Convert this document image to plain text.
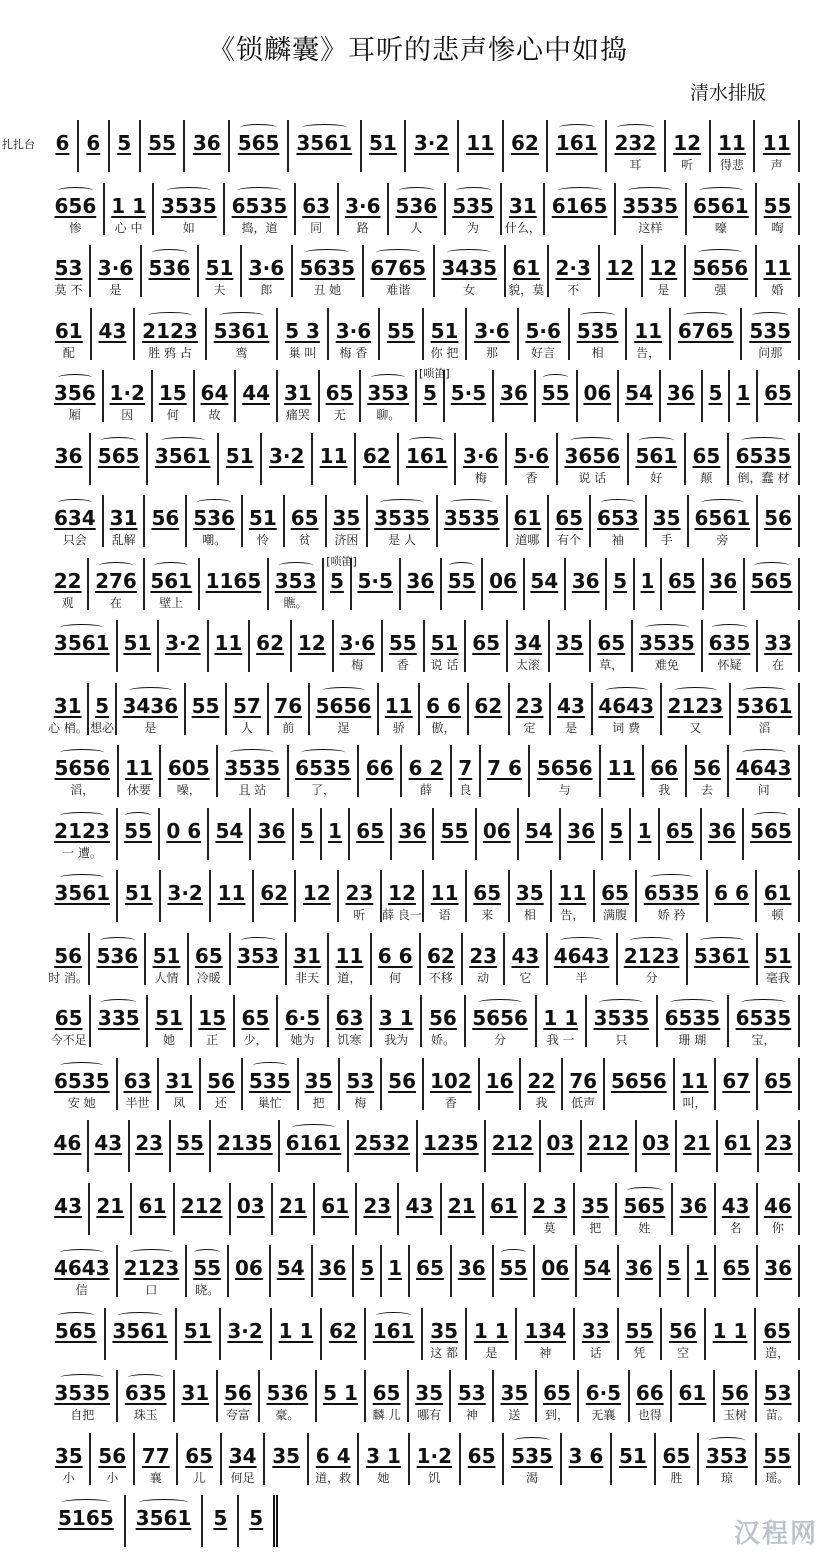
《锁麟囊》耳听的悲声惨心中如捣
清水排版
扎扎台 6 6 5 55 36 565 3561 51 3·2 11 62 161 232
耳
12
听
11
得悲
11
声
656
惨
1 1
心 中
3535
如
6535
捣，道
63
同
3·6
路
536
人
535
为
31
什么，
6165 3535
这样
6561
嚎
55
啕
53
莫 不
3·6
是
536 51
夫
3·6
郎
5635
丑 她
6765
难谐
3435
女
61
貌，莫
2·3
不
12 12
是
5656
强
11
婚
61
配
43 2123
胜 鸦 占
5361
鸾
5 3
巢 叫
3·6
梅 香
55 51
你 把
3·6
那
5·6
好言
535
相
11
告，
6765 535
问那
356
厢
1·2
因
15
何
64
故
44 31
痛哭
65
无
353
聊。
5
[唢笛]
5·5 36 55 06 54 36 5 1 65
36 565 3561 51 3·2 11 62 161 3·6
梅
5·6
香
3656
说 话
561
好
65
颠
6535
倒，蠢 材
634
只会
31
乱解
56 536
嘲。
51
怜
65
贫
35
济困
3535
是 人
3535 61
道哪
65
有个
653
袖
35
手
6561
旁
56
22
观
276
在
561
壁上
1165 353
瞧。
5
[唢笛]
5·5 36 55 06 54 36 5 1 65 36 565
3561 51 3·2 11 62 12 3·6
梅
55
香
51
说 话
65 34
太滚
35 65
草，
3535
难免
635
怀疑
33
在
31
心 梢。
5
想必
3436
是
55 57
人
76
前
5656
逞
11
骄
6 6
傲，
62 23
定
43
是
4643
词 费
2123
又
5361
滔
5656
滔，
11
休要
605
噪，
3535
且 站
6535
了，
66 6 2
薛
7
良
7 6 5656
与
11 66
我
56
去
4643
问
2123
一 遭。
55 0 6 54 36 5 1 65 36 55 06 54 36 5 1 65 36 565
3561 51 3·2 11 62 12 23
听
12
薛 良一
11
语
65
来
35
相
11
告，
65
满腹
6535
娇 矜
6 6 61
顿
56
时 消。
536 51
人情
65
冷暖
353 31
非天
11
道，
6 6
何
62
不移
23
动
43
它
4643
半
2123
分
5361 51
毫我
65
今不足
335 51
她
15
正
65
少，
6·5
她为
63
饥寒
3 1
我为
56
娇。
5656
分
1 1
我 一
3535
只
6535
珊 瑚
6535
宝，
6535
安 她
63
半世
31
凤
56
还
535
巢忙
35
把
53
梅
56 102
香
16 22
我
76
低声
5656 11
叫，
67 65
46 43 23 55 2135 6161 2532 1235 212 03 212 03 21 61 23
43 21 61 212 03 21 61 23 43 21 61 2 3
莫
35
把
565
姓
36 43
名
46
你
4643
信
2123
口
55
晓。
06 54 36 5 1 65 36 55 06 54 36 5 1 65 36
565 3561 51 3·2 1 1 62 161 35
这 都
1 1
是
134
神
33
话
55
凭
56
空
1 1 65
造，
3535
自把
635
珠玉
31 56
夸富
536
豪。
5 1 65
麟 儿
35
哪有
53
神
35
送
65
到，
6·5
无襄
66
也得
61 56
玉树
53
苗。
35
小
56
小
77
襄
65
儿
34
何足
35 6 4
道，救
3 1
她
1·2
饥
65 535
渴
3 6 51 65
胜
353
琼
55
瑶。
5165 3561 5 5
汉程网
